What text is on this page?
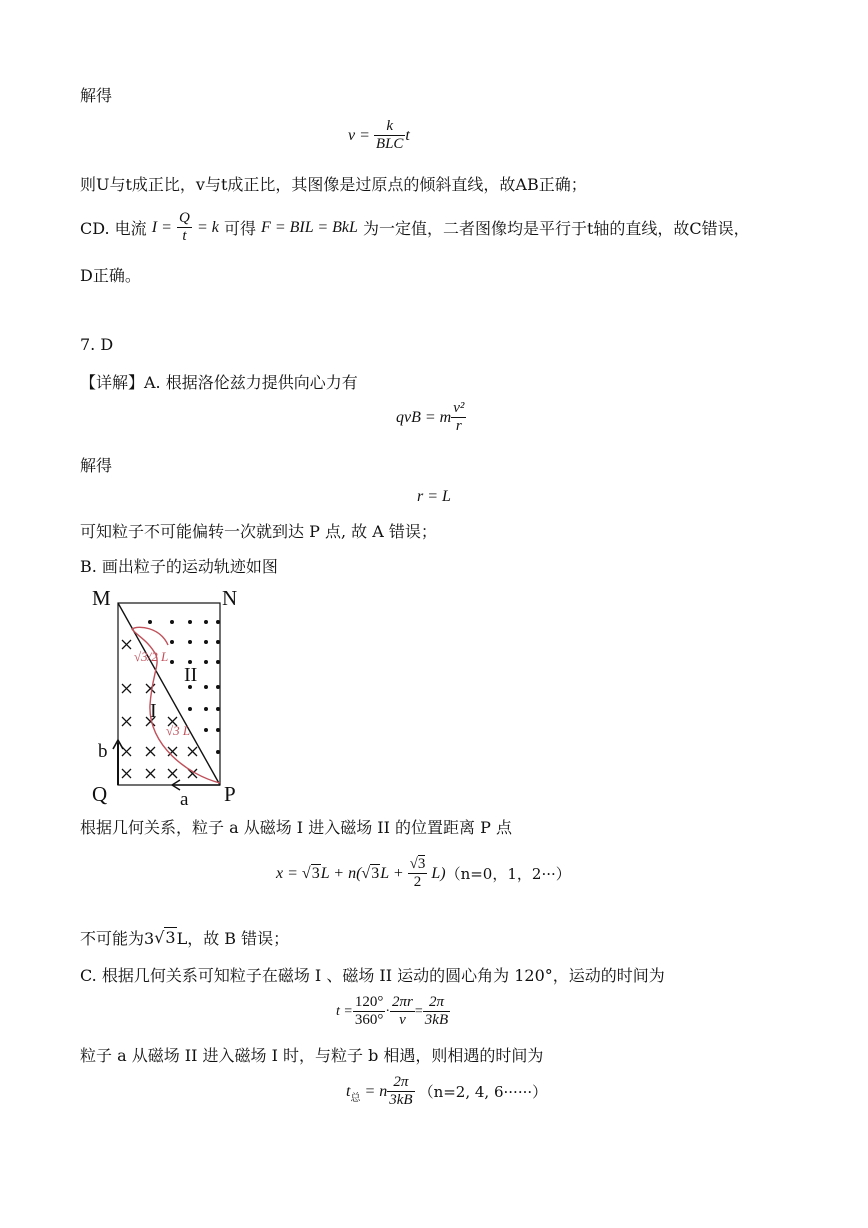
解得
v =
$\frac{k}{\text{BLC}}$ t
则U与t成正比，v与t成正比，其图像是过原点的倾斜直线，故AB正确；
CD. 电流
I =
$\frac{Q}{t}$
= k
可得
F = BIL = BkL
为一定值，二者图像均是平行于t轴的直线，故C错误，
D正确。
7. D
【详解】A. 根据洛伦兹力提供向心力有
qvB = m $\frac{\text{v²}}{r}$
解得
r = L
可知粒子不可能偏转一次就到达 P 点, 故 A 错误；
B. 画出粒子的运动轨迹如图
√3/2 L
√3 L
II
I
b
a
M	N
Q	P
根据几何关系，粒子 a 从磁场 I 进入磁场 II 的位置距离 P 点
x =
√ 3 L + n( √ 3 L +
$\frac{√3}{2}$
L) （n=0，1，2···）
不可能为3 √ 3 L，故 B 错误；
C. 根据几何关系可知粒子在磁场 I 、磁场 II 运动的圆心角为 120°，运动的时间为
$t = \frac{120^\circ}{360^\circ} \cdot \frac{2\pi r}{v} = \frac{2\pi}{3kB}$
粒子 a 从磁场 II 进入磁场 I 时，与粒子 b 相遇，则相遇的时间为
$t_总$
= n $\frac{2\pi}{3kB}$
（n=2, 4, 6······）
